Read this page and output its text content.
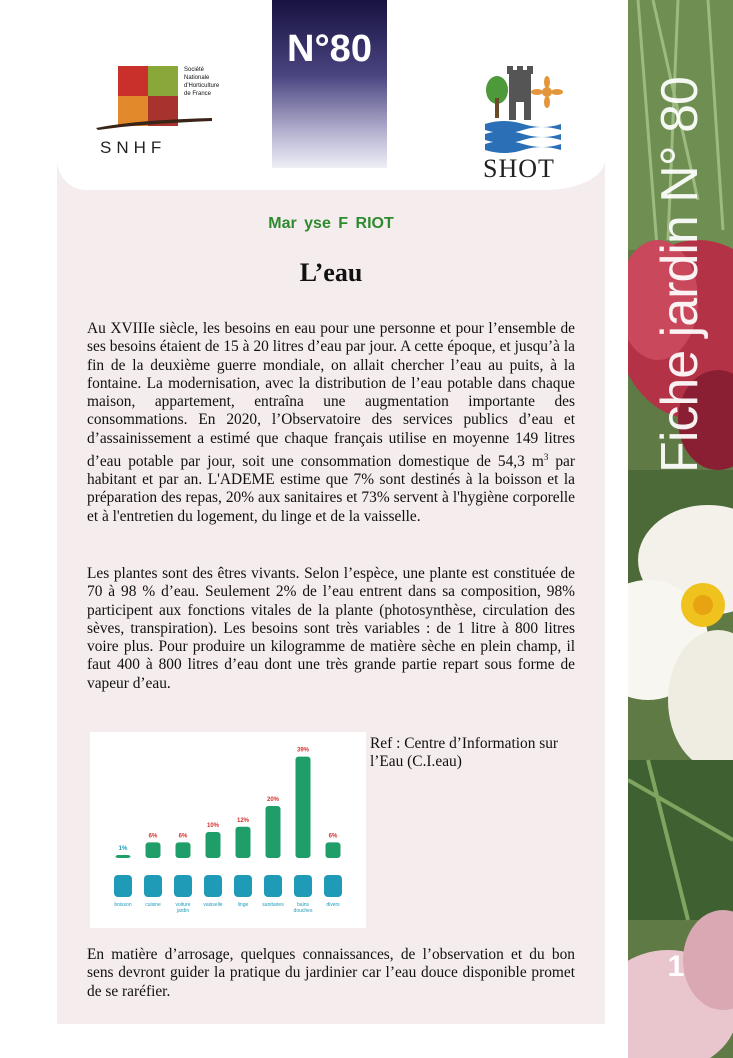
N°80
Société
Nationale
d'Horticulture
de France
SNHF
SHOT
Mar yse F RIOT
L’eau

Au XVIIIe siècle, les besoins en eau pour une personne et pour l’ensemble de ses besoins étaient de 15 à 20 litres d’eau par jour. A cette époque, et jusqu’à la fin de la deuxième guerre mondiale, on allait chercher l’eau au puits, à la fontaine. La modernisation, avec la distribution de l’eau potable dans chaque maison, appartement, entraîna une augmentation importante des consommations. En 2020, l’Observatoire des services publics d’eau et d’assainissement a estimé que chaque français utilise en moyenne 149 litres d’eau potable par jour, soit une consommation domestique de 54,3 $m^3$ par habitant et par an. L'ADEME estime que 7% sont destinés à la boisson et la préparation des repas, 20% aux sanitaires et 73% servent à l'hygiène corporelle et à l'entretien du logement, du linge et de la vaisselle.

Les plantes sont des êtres vivants. Selon l’espèce, une plante est constituée de 70 à 98 % d’eau. Seulement 2% de l’eau entrent dans sa composition, 98% participent aux fonctions vitales de la plante (photosynthèse, circulation des sèves, transpiration). Les besoins sont très variables : de 1 litre à 800 litres voire plus. Pour produire un kilogramme de matière sèche en plein champ, il faut 400 à 800 litres d’eau dont une très grande partie repart sous forme de vapeur d’eau.

1%
boisson
6%
cuisine
6%
voiture
jardin
10%
vaisselle
12%
linge
20%
sanitaires
39%
bains
douches
6%
divers
Ref : Centre d’Information sur l’Eau (C.I.eau)

En matière d’arrosage, quelques connaissances, de l’observation et du bon sens devront guider la pratique du jardinier car l’eau douce disponible promet de se raréfier.

Fiche jardin N° 80
1
